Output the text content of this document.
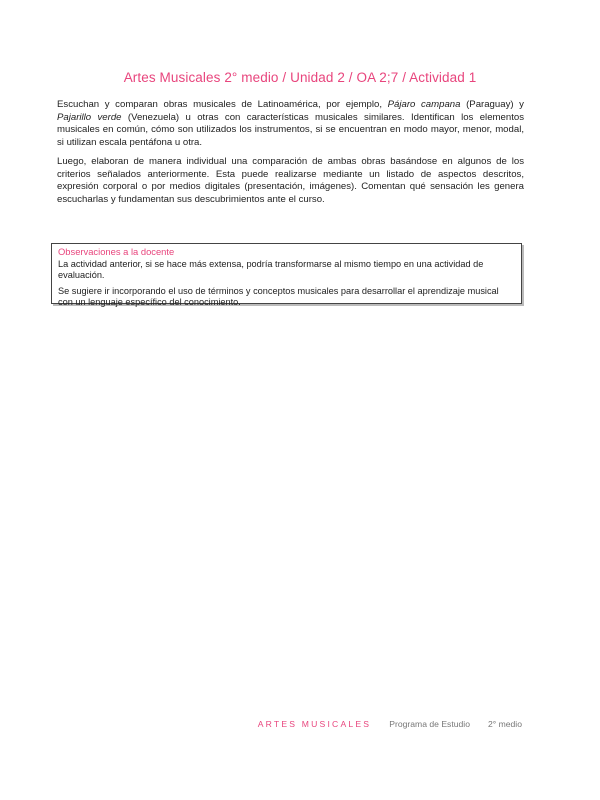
Artes Musicales 2° medio / Unidad 2 / OA 2;7 / Actividad 1
Escuchan y comparan obras musicales de Latinoamérica, por ejemplo, Pájaro campana (Paraguay) y Pajarillo verde (Venezuela) u otras con características musicales similares. Identifican los elementos musicales en común, cómo son utilizados los instrumentos, si se encuentran en modo mayor, menor, modal, si utilizan escala pentáfona u otra.
Luego, elaboran de manera individual una comparación de ambas obras basándose en algunos de los criterios señalados anteriormente. Esta puede realizarse mediante un listado de aspectos descritos, expresión corporal o por medios digitales (presentación, imágenes). Comentan qué sensación les genera escucharlas y fundamentan sus descubrimientos ante el curso.
Observaciones a la docente
La actividad anterior, si se hace más extensa, podría transformarse al mismo tiempo en una actividad de evaluación.
Se sugiere ir incorporando el uso de términos y conceptos musicales para desarrollar el aprendizaje musical con un lenguaje específico del conocimiento.
ARTES MUSICALES Programa de Estudio 2° medio
